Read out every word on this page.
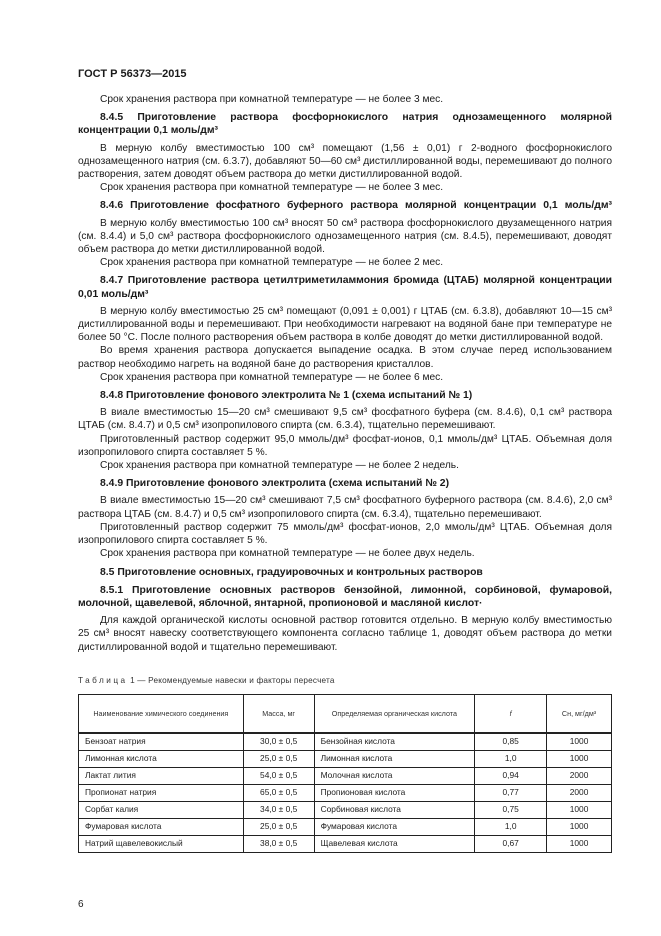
ГОСТ Р 56373—2015
Срок хранения раствора при комнатной температуре — не более 3 мес.
8.4.5 Приготовление раствора фосфорнокислого натрия однозамещенного молярной концентрации 0,1 моль/дм³
В мерную колбу вместимостью 100 см³ помещают (1,56 ± 0,01) г 2-водного фосфорнокислого однозамещенного натрия (см. 6.3.7), добавляют 50—60 см³ дистиллированной воды, перемешивают до полного растворения, затем доводят объем раствора до метки дистиллированной водой.
Срок хранения раствора при комнатной температуре — не более 3 мес.
8.4.6 Приготовление фосфатного буферного раствора молярной концентрации 0,1 моль/дм³
В мерную колбу вместимостью 100 см³ вносят 50 см³ раствора фосфорнокислого двузамещенного натрия (см. 8.4.4) и 5,0 см³ раствора фосфорнокислого однозамещенного натрия (см. 8.4.5), перемешивают, доводят объем раствора до метки дистиллированной водой.
Срок хранения раствора при комнатной температуре — не более 2 мес.
8.4.7 Приготовление раствора цетилтриметиламмония бромида (ЦТАБ) молярной концентрации 0,01 моль/дм³
В мерную колбу вместимостью 25 см³ помещают (0,091 ± 0,001) г ЦТАБ (см. 6.3.8), добавляют 10—15 см³ дистиллированной воды и перемешивают. При необходимости нагревают на водяной бане при температуре не более 50 °С. После полного растворения объем раствора в колбе доводят до метки дистиллированной водой.
Во время хранения раствора допускается выпадение осадка. В этом случае перед использованием раствор необходимо нагреть на водяной бане до растворения кристаллов.
Срок хранения раствора при комнатной температуре — не более 6 мес.
8.4.8 Приготовление фонового электролита № 1 (схема испытаний № 1)
В виале вместимостью 15—20 см³ смешивают 9,5 см³ фосфатного буфера (см. 8.4.6), 0,1 см³ раствора ЦТАБ (см. 8.4.7) и 0,5 см³ изопропилового спирта (см. 6.3.4), тщательно перемешивают.
Приготовленный раствор содержит 95,0 ммоль/дм³ фосфат-ионов, 0,1 ммоль/дм³ ЦТАБ. Объемная доля изопропилового спирта составляет 5 %.
Срок хранения раствора при комнатной температуре — не более 2 недель.
8.4.9 Приготовление фонового электролита (схема испытаний № 2)
В виале вместимостью 15—20 см³ смешивают 7,5 см³ фосфатного буферного раствора (см. 8.4.6), 2,0 см³ раствора ЦТАБ (см. 8.4.7) и 0,5 см³ изопропилового спирта (см. 6.3.4), тщательно перемешивают.
Приготовленный раствор содержит 75 ммоль/дм³ фосфат-ионов, 2,0 ммоль/дм³ ЦТАБ. Объемная доля изопропилового спирта составляет 5 %.
Срок хранения раствора при комнатной температуре — не более двух недель.
8.5 Приготовление основных, градуировочных и контрольных растворов
8.5.1 Приготовление основных растворов бензойной, лимонной, сорбиновой, фумаровой, молочной, щавелевой, яблочной, янтарной, пропионовой и масляной кислот·
Для каждой органической кислоты основной раствор готовится отдельно. В мерную колбу вместимостью 25 см³ вносят навеску соответствующего компонента согласно таблице 1, доводят объем раствора до метки дистиллированной водой и тщательно перемешивают.
Таблица 1 — Рекомендуемые навески и факторы пересчета
Наименование химического соединения	Масса, мг	Определяемая органическая кислота	f	Cн, мг/дм³
Бензоат натрия	30,0 ± 0,5	Бензойная кислота	0,85	1000
Лимонная кислота	25,0 ± 0,5	Лимонная кислота	1,0	1000
Лактат лития	54,0 ± 0,5	Молочная кислота	0,94	2000
Пропионат натрия	65,0 ± 0,5	Пропионовая кислота	0,77	2000
Сорбат калия	34,0 ± 0,5	Сорбиновая кислота	0,75	1000
Фумаровая кислота	25,0 ± 0,5	Фумаровая кислота	1,0	1000
Натрий щавелевокислый	38,0 ± 0,5	Щавелевая кислота	0,67	1000
6
